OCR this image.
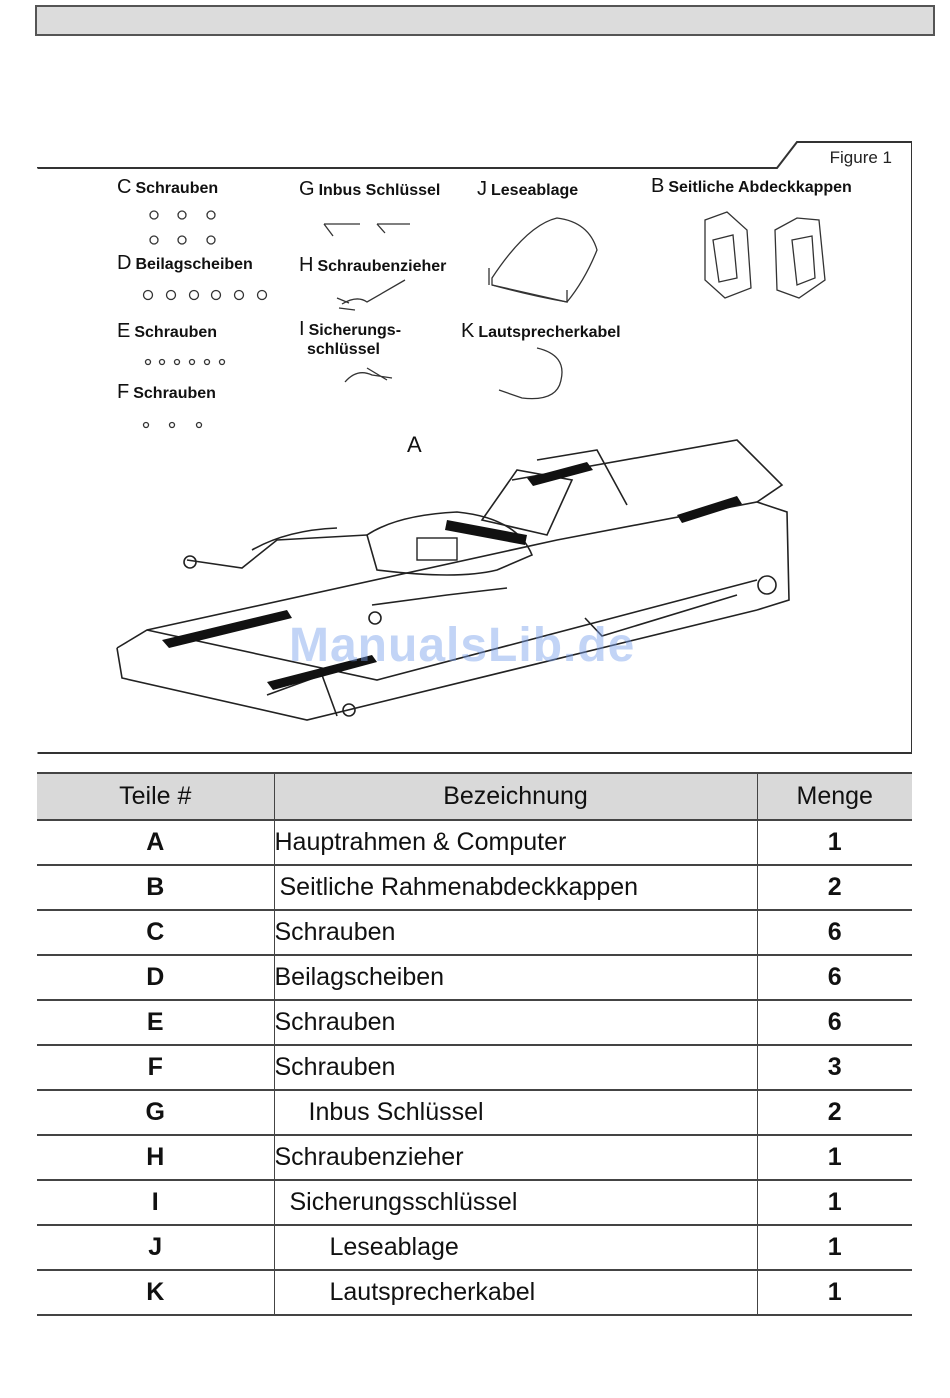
Figure 1
C Schrauben
D Beilagscheiben
E Schrauben
F Schrauben
G Inbus Schlüssel
H Schraubenzieher
I Sicherungs-
schlüssel
J Leseablage
K Lautsprecherkabel
B Seitliche Abdeckkappen
A
ManualsLib.de
Teile #	Bezeichnung	Menge
A	Hauptrahmen & Computer	1
B	Seitliche Rahmenabdeckkappen	2
C	Schrauben	6
D	Beilagscheiben	6
E	Schrauben	6
F	Schrauben	3
G	Inbus Schlüssel	2
H	Schraubenzieher	1
I	Sicherungsschlüssel	1
J	Leseablage	1
K	Lautsprecherkabel	1
